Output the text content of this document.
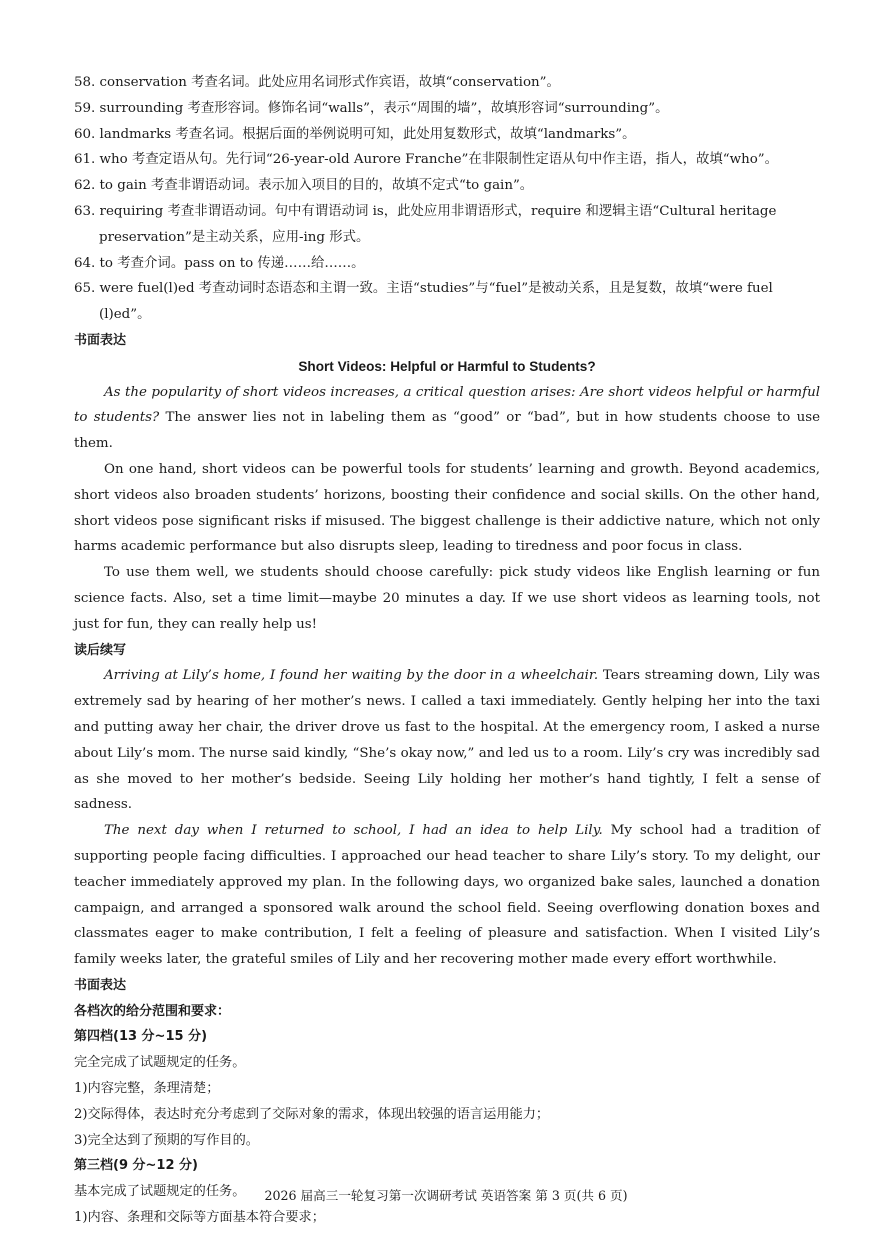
58. conservation 考查名词。此处应用名词形式作宾语，故填“conservation”。
59. surrounding 考查形容词。修饰名词“walls”，表示“周围的墙”，故填形容词“surrounding”。
60. landmarks 考查名词。根据后面的举例说明可知，此处用复数形式，故填“landmarks”。
61. who 考查定语从句。先行词“26-year-old Aurore Franche”在非限制性定语从句中作主语，指人，故填“who”。
62. to gain 考查非谓语动词。表示加入项目的目的，故填不定式“to gain”。
63. requiring 考查非谓语动词。句中有谓语动词 is，此处应用非谓语形式，require 和逻辑主语“Cultural heritage
preservation”是主动关系，应用-ing 形式。
64. to 考查介词。pass on to 传递……给……。
65. were fuel(l)ed 考查动词时态语态和主谓一致。主语“studies”与“fuel”是被动关系，且是复数，故填“were fuel
(l)ed”。
书面表达
Short Videos: Helpful or Harmful to Students?

As the popularity of short videos increases, a critical question arises: Are short videos helpful or harmful to students? The answer lies not in labeling them as “good” or “bad”, but in how students choose to use them.

On one hand, short videos can be powerful tools for students’ learning and growth. Beyond academics, short videos also broaden students’ horizons, boosting their confidence and social skills. On the other hand, short videos pose significant risks if misused. The biggest challenge is their addictive nature, which not only harms academic performance but also disrupts sleep, leading to tiredness and poor focus in class.

To use them well, we students should choose carefully: pick study videos like English learning or fun science facts. Also, set a time limit—maybe 20 minutes a day. If we use short videos as learning tools, not just for fun, they can really help us!

读后续写

Arriving at Lily’s home, I found her waiting by the door in a wheelchair. Tears streaming down, Lily was extremely sad by hearing of her mother’s news. I called a taxi immediately. Gently helping her into the taxi and putting away her chair, the driver drove us fast to the hospital. At the emergency room, I asked a nurse about Lily’s mom. The nurse said kindly, “She’s okay now,” and led us to a room. Lily’s cry was incredibly sad as she moved to her mother’s bedside. Seeing Lily holding her mother’s hand tightly, I felt a sense of sadness.

The next day when I returned to school, I had an idea to help Lily. My school had a tradition of supporting people facing difficulties. I approached our head teacher to share Lily’s story. To my delight, our teacher immediately approved my plan. In the following days, wo organized bake sales, launched a donation campaign, and arranged a sponsored walk around the school field. Seeing overflowing donation boxes and classmates eager to make contribution, I felt a feeling of pleasure and satisfaction. When I visited Lily’s family weeks later, the grateful smiles of Lily and her recovering mother made every effort worthwhile.

书面表达
各档次的给分范围和要求：
第四档(13 分~15 分)
完全完成了试题规定的任务。
1)内容完整，条理清楚；
2)交际得体，表达时充分考虑到了交际对象的需求，体现出较强的语言运用能力；
3)完全达到了预期的写作目的。
第三档(9 分~12 分)
基本完成了试题规定的任务。
1)内容、条理和交际等方面基本符合要求；
2026 届高三一轮复习第一次调研考试 英语答案 第 3 页(共 6 页)
